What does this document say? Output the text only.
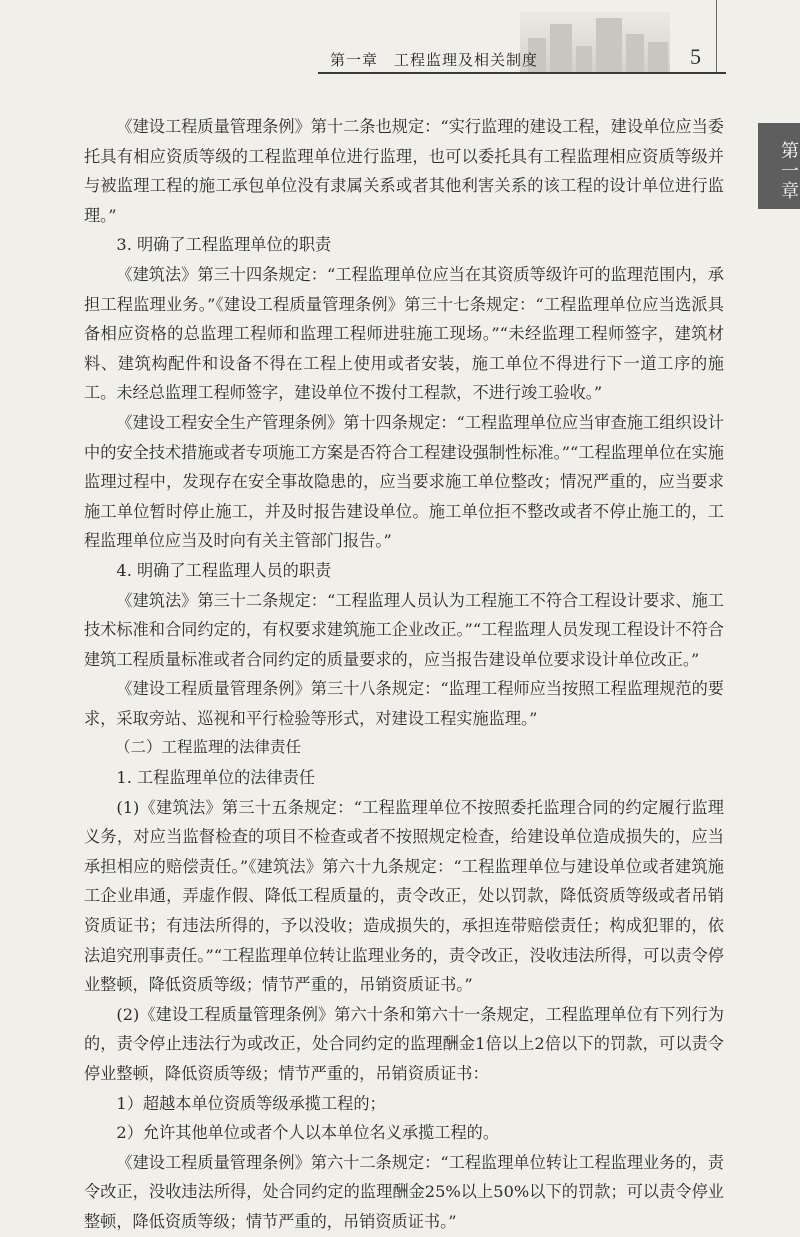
第一章　工程监理及相关制度	5
第一章

《建设工程质量管理条例》第十二条也规定：“实行监理的建设工程，建设单位应当委托具有相应资质等级的工程监理单位进行监理，也可以委托具有工程监理相应资质等级并与被监理工程的施工承包单位没有隶属关系或者其他利害关系的该工程的设计单位进行监理。”

3. 明确了工程监理单位的职责

《建筑法》第三十四条规定：“工程监理单位应当在其资质等级许可的监理范围内，承担工程监理业务。”《建设工程质量管理条例》第三十七条规定：“工程监理单位应当选派具备相应资格的总监理工程师和监理工程师进驻施工现场。”“未经监理工程师签字，建筑材料、建筑构配件和设备不得在工程上使用或者安装，施工单位不得进行下一道工序的施工。未经总监理工程师签字，建设单位不拨付工程款，不进行竣工验收。”

《建设工程安全生产管理条例》第十四条规定：“工程监理单位应当审查施工组织设计中的安全技术措施或者专项施工方案是否符合工程建设强制性标准。”“工程监理单位在实施监理过程中，发现存在安全事故隐患的，应当要求施工单位整改；情况严重的，应当要求施工单位暂时停止施工，并及时报告建设单位。施工单位拒不整改或者不停止施工的，工程监理单位应当及时向有关主管部门报告。”

4. 明确了工程监理人员的职责

《建筑法》第三十二条规定：“工程监理人员认为工程施工不符合工程设计要求、施工技术标准和合同约定的，有权要求建筑施工企业改正。”“工程监理人员发现工程设计不符合建筑工程质量标准或者合同约定的质量要求的，应当报告建设单位要求设计单位改正。”

《建设工程质量管理条例》第三十八条规定：“监理工程师应当按照工程监理规范的要求，采取旁站、巡视和平行检验等形式，对建设工程实施监理。”

（二）工程监理的法律责任

1. 工程监理单位的法律责任

(1)《建筑法》第三十五条规定：“工程监理单位不按照委托监理合同的约定履行监理义务，对应当监督检查的项目不检查或者不按照规定检查，给建设单位造成损失的，应当承担相应的赔偿责任。”《建筑法》第六十九条规定：“工程监理单位与建设单位或者建筑施工企业串通，弄虚作假、降低工程质量的，责令改正，处以罚款，降低资质等级或者吊销资质证书；有违法所得的，予以没收；造成损失的，承担连带赔偿责任；构成犯罪的，依法追究刑事责任。”“工程监理单位转让监理业务的，责令改正，没收违法所得，可以责令停业整顿，降低资质等级；情节严重的，吊销资质证书。”

(2)《建设工程质量管理条例》第六十条和第六十一条规定，工程监理单位有下列行为的，责令停止违法行为或改正，处合同约定的监理酬金1倍以上2倍以下的罚款，可以责令停业整顿，降低资质等级；情节严重的，吊销资质证书：

1）超越本单位资质等级承揽工程的；

2）允许其他单位或者个人以本单位名义承揽工程的。

《建设工程质量管理条例》第六十二条规定：“工程监理单位转让工程监理业务的，责令改正，没收违法所得，处合同约定的监理酬金25%以上50%以下的罚款；可以责令停业整顿，降低资质等级；情节严重的，吊销资质证书。”
